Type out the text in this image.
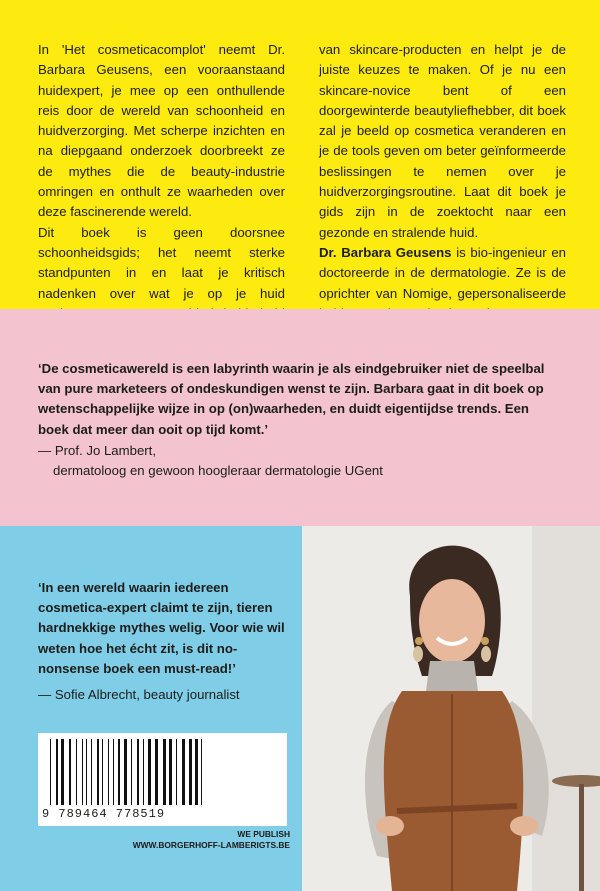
In 'Het cosmeticacomplot' neemt Dr. Barbara Geusens, een vooraanstaand huidexpert, je mee op een onthullende reis door de wereld van schoonheid en huidverzorging. Met scherpe inzichten en na diepgaand onderzoek doorbreekt ze de mythes die de beauty-industrie omringen en onthult ze waarheden over deze fascinerende wereld.

Dit boek is geen doorsnee schoonheidsgids; het neemt sterke standpunten in en laat je kritisch nadenken over wat je op je huid

van skincare-producten en helpt je de juiste keuzes te maken. Of je nu een skincare-novice bent of een doorgewinterde beautyliefhebber, dit boek zal je beeld op cosmetica veranderen en je de tools geven om beter geïnformeerde beslissingen te nemen over je huidverzorgingsroutine. Laat dit boek je gids zijn in de zoektocht naar een gezonde en stralende huid.

Dr. Barbara Geusens is bio-ingenieur en doctoreerde in de dermatologie. Ze is de oprichter van Nomige, gepersonaliseerde

‘De cosmeticawereld is een labyrinth waarin je als eindgebruiker niet de speelbal van pure marketeers of ondeskundigen wenst te zijn. Barbara gaat in dit boek op wetenschappelijke wijze in op (on)waarheden, en duidt eigentijdse trends. Een boek dat meer dan ooit op tijd komt.’

— Prof. Jo Lambert,
dermatoloog en gewoon hoogleraar dermatologie UGent

‘In een wereld waarin iedereen cosmetica-expert claimt te zijn, tieren hardnekkige mythes welig. Voor wie wil weten hoe het écht zit, is dit no-nonsense boek een must-read!’

— Sofie Albrecht, beauty journalist

9 789464 778519
WE PUBLISH
WWW.BORGERHOFF-LAMBERIGTS.BE
